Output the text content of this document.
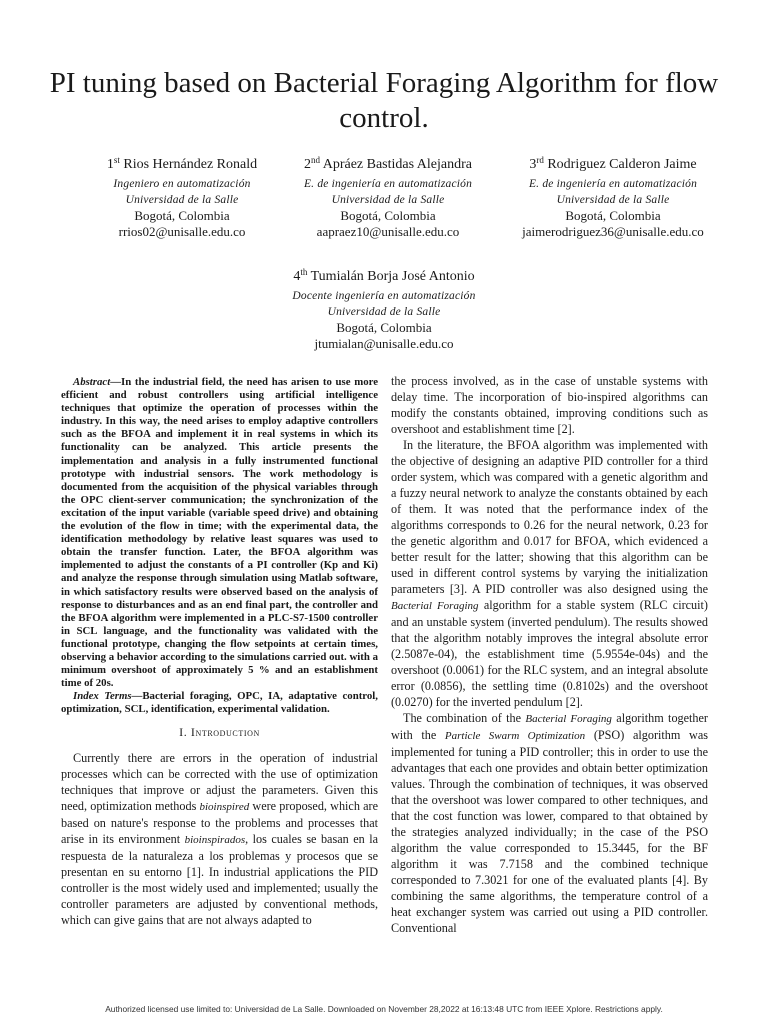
PI tuning based on Bacterial Foraging Algorithm for flow control.
1st Rios Hernández Ronald
Ingeniero en automatización
Universidad de la Salle
Bogotá, Colombia
rrios02@unisalle.edu.co
2nd Apráez Bastidas Alejandra
E. de ingeniería en automatización
Universidad de la Salle
Bogotá, Colombia
aapraez10@unisalle.edu.co
3rd Rodriguez Calderon Jaime
E. de ingeniería en automatización
Universidad de la Salle
Bogotá, Colombia
jaimerodriguez36@unisalle.edu.co
4th Tumialán Borja José Antonio
Docente ingeniería en automatización
Universidad de la Salle
Bogotá, Colombia
jtumialan@unisalle.edu.co

Abstract—In the industrial field, the need has arisen to use more efficient and robust controllers using artificial intelligence techniques that optimize the operation of processes within the industry. In this way, the need arises to employ adaptive controllers such as the BFOA and implement it in real systems in which its functionality can be analyzed. This article presents the implementation and analysis in a fully instrumented functional prototype with industrial sensors. The work methodology is documented from the acquisition of the physical variables through the OPC client-server communication; the synchronization of the excitation of the input variable (variable speed drive) and obtaining the evolution of the flow in time; with the experimental data, the identification methodology by relative least squares was used to obtain the transfer function. Later, the BFOA algorithm was implemented to adjust the constants of a PI controller (Kp and Ki) and analyze the response through simulation using Matlab software, in which satisfactory results were observed based on the analysis of response to disturbances and as an end final part, the controller and the BFOA algorithm were implemented in a PLC-S7-1500 controller in SCL language, and the functionality was validated with the functional prototype, changing the flow setpoints at certain times, observing a behavior according to the simulations carried out. with a minimum overshoot of approximately 5 % and an establishment time of 20s.

Index Terms—Bacterial foraging, OPC, IA, adaptative control, optimization, SCL, identification, experimental validation.

I. Introduction

Currently there are errors in the operation of industrial processes which can be corrected with the use of optimization techniques that improve or adjust the parameters. Given this need, optimization methods bioinspired were proposed, which are based on nature's response to the problems and processes that arise in its environment bioinspirados, los cuales se basan en la respuesta de la naturaleza a los problemas y procesos que se presentan en su entorno [1]. In industrial applications the PID controller is the most widely used and implemented; usually the controller parameters are adjusted by conventional methods, which can give gains that are not always adapted to

the process involved, as in the case of unstable systems with delay time. The incorporation of bio-inspired algorithms can modify the constants obtained, improving conditions such as overshoot and establishment time [2].

In the literature, the BFOA algorithm was implemented with the objective of designing an adaptive PID controller for a third order system, which was compared with a genetic algorithm and a fuzzy neural network to analyze the constants obtained by each of them. It was noted that the performance index of the algorithms corresponds to 0.26 for the neural network, 0.23 for the genetic algorithm and 0.017 for BFOA, which evidenced a better result for the latter; showing that this algorithm can be used in different control systems by varying the initialization parameters [3]. A PID controller was also designed using the Bacterial Foraging algorithm for a stable system (RLC circuit) and an unstable system (inverted pendulum). The results showed that the algorithm notably improves the integral absolute error (2.5087e-04), the establishment time (5.9554e-04s) and the overshoot (0.0061) for the RLC system, and an integral absolute error (0.0856), the settling time (0.8102s) and the overshoot (0.0270) for the inverted pendulum [2].

The combination of the Bacterial Foraging algorithm together with the Particle Swarm Optimization (PSO) algorithm was implemented for tuning a PID controller; this in order to use the advantages that each one provides and obtain better optimization values. Through the combination of techniques, it was observed that the overshoot was lower compared to other techniques, and that the cost function was lower, compared to that obtained by the strategies analyzed individually; in the case of the PSO algorithm the value corresponded to 15.3445, for the BF algorithm it was 7.7158 and the combined technique corresponded to 7.3021 for one of the evaluated plants [4]. By combining the same algorithms, the temperature control of a heat exchanger system was carried out using a PID controller. Conventional

Authorized licensed use limited to: Universidad de La Salle. Downloaded on November 28,2022 at 16:13:48 UTC from IEEE Xplore. Restrictions apply.
